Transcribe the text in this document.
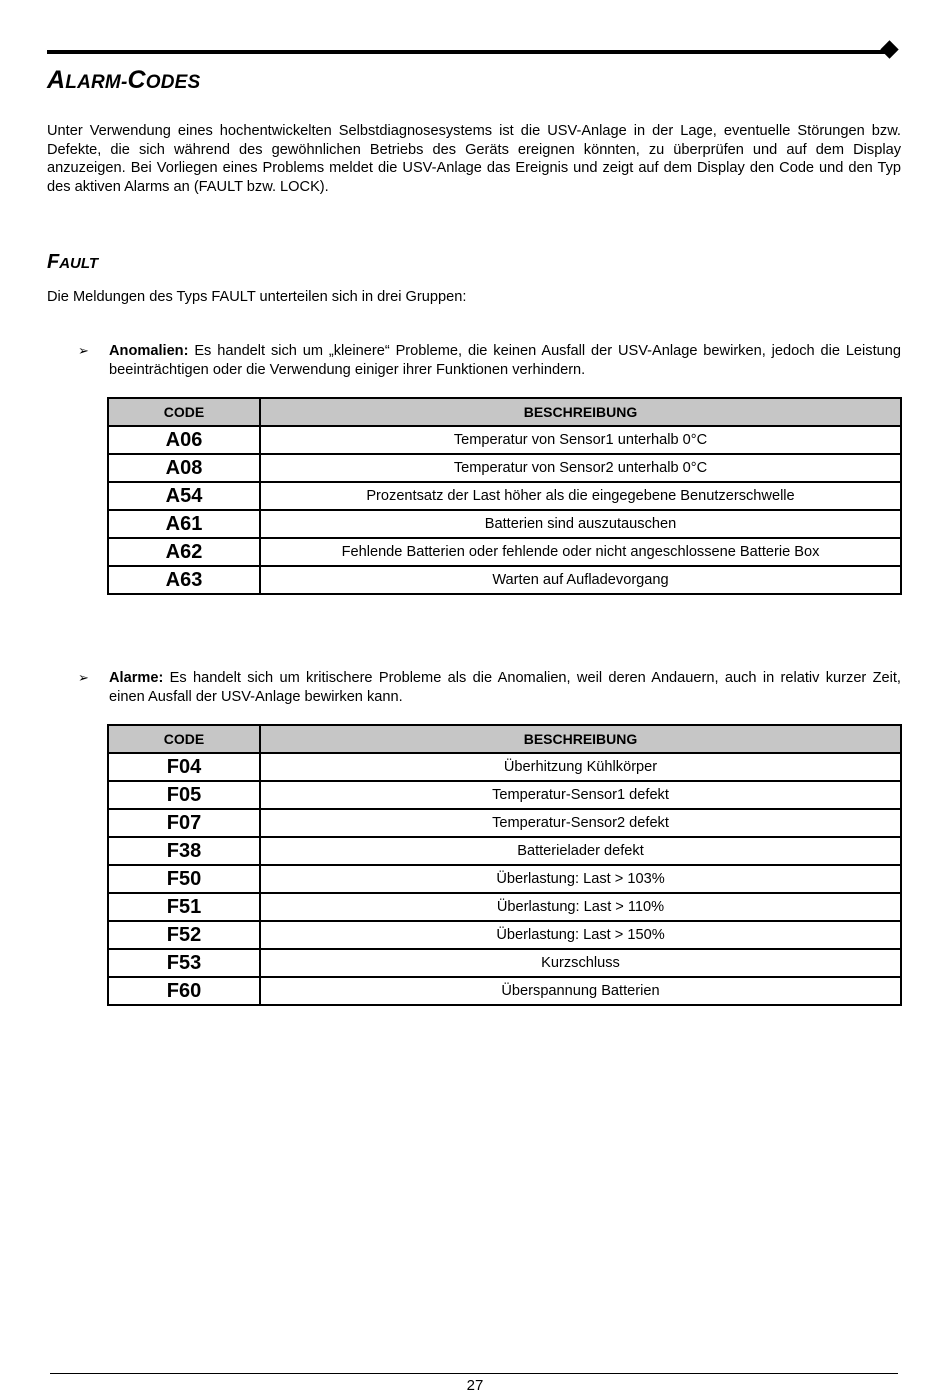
ALARM-CODES
Unter Verwendung eines hochentwickelten Selbstdiagnosesystems ist die USV-Anlage in der Lage, eventuelle Störungen bzw. Defekte, die sich während des gewöhnlichen Betriebs des Geräts ereignen könnten, zu überprüfen und auf dem Display anzuzeigen. Bei Vorliegen eines Problems meldet die USV-Anlage das Ereignis und zeigt auf dem Display den Code und den Typ des aktiven Alarms an (FAULT bzw. LOCK).
FAULT
Die Meldungen des Typs FAULT unterteilen sich in drei Gruppen:
➢ Anomalien: Es handelt sich um „kleinere“ Probleme, die keinen Ausfall der USV-Anlage bewirken, jedoch die Leistung beeinträchtigen oder die Verwendung einiger ihrer Funktionen verhindern.
CODE	BESCHREIBUNG
A06	Temperatur von Sensor1 unterhalb 0°C
A08	Temperatur von Sensor2 unterhalb 0°C
A54	Prozentsatz der Last höher als die eingegebene Benutzerschwelle
A61	Batterien sind auszutauschen
A62	Fehlende Batterien oder fehlende oder nicht angeschlossene Batterie Box
A63	Warten auf Aufladevorgang
➢ Alarme: Es handelt sich um kritischere Probleme als die Anomalien, weil deren Andauern, auch in relativ kurzer Zeit, einen Ausfall der USV-Anlage bewirken kann.
CODE	BESCHREIBUNG
F04	Überhitzung Kühlkörper
F05	Temperatur-Sensor1 defekt
F07	Temperatur-Sensor2 defekt
F38	Batterielader defekt
F50	Überlastung: Last > 103%
F51	Überlastung: Last > 110%
F52	Überlastung: Last > 150%
F53	Kurzschluss
F60	Überspannung Batterien
27
